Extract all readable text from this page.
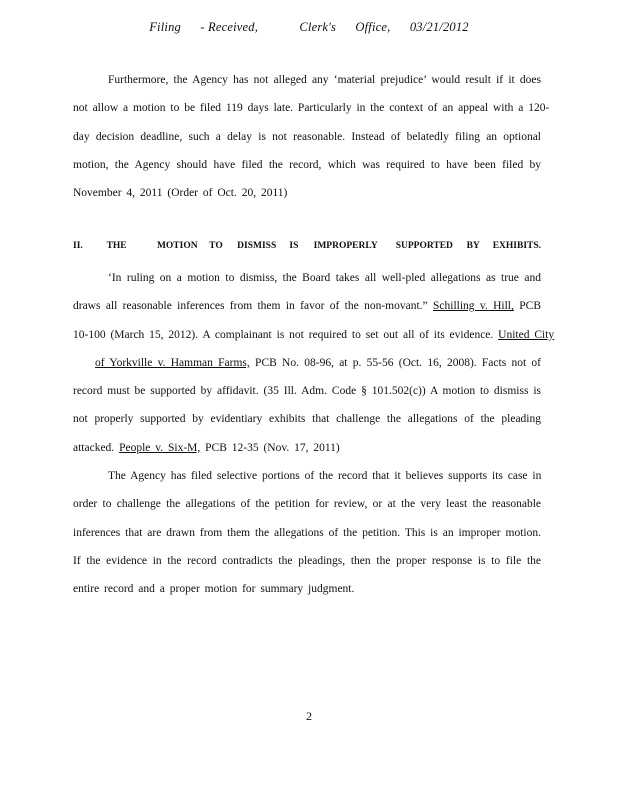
Filing - Received,	Clerk's Office, 03/21/2012
Furthermore, the Agency has not alleged any ‘material prejudice’ would result if it does
not allow a motion to be filed 119 days late. Particularly in the context of an appeal with a 120-
day decision deadline, such a delay is not reasonable. Instead of belatedly filing an optional
motion, the Agency should have filed the record, which was required to have been filed by
November 4, 2011 (Order of Oct. 20, 2011)
II.	THE	MOTION	TO	DISMISS	IS	IMPROPERLY	SUPPORTED	BY	EXHIBITS.
‘In ruling on a motion to dismiss, the Board takes all well-pled allegations as true and
draws all reasonable inferences from them in favor of the non-movant.” Schilling v. Hill, PCB
10-100 (March 15, 2012). A complainant is not required to set out all of its evidence. United City
of Yorkville v. Hamman Farms, PCB No. 08-96, at p. 55-56 (Oct. 16, 2008). Facts not of
record must be supported by affidavit. (35 Ill. Adm. Code § 101.502(c)) A motion to dismiss is
not properly supported by evidentiary exhibits that challenge the allegations of the pleading
attacked. People v. Six-M, PCB 12-35 (Nov. 17, 2011)
The Agency has filed selective portions of the record that it believes supports its case in
order to challenge the allegations of the petition for review, or at the very least the reasonable
inferences that are drawn from them the allegations of the petition. This is an improper motion.
If the evidence in the record contradicts the pleadings, then the proper response is to file the
entire record and a proper motion for summary judgment.
2
